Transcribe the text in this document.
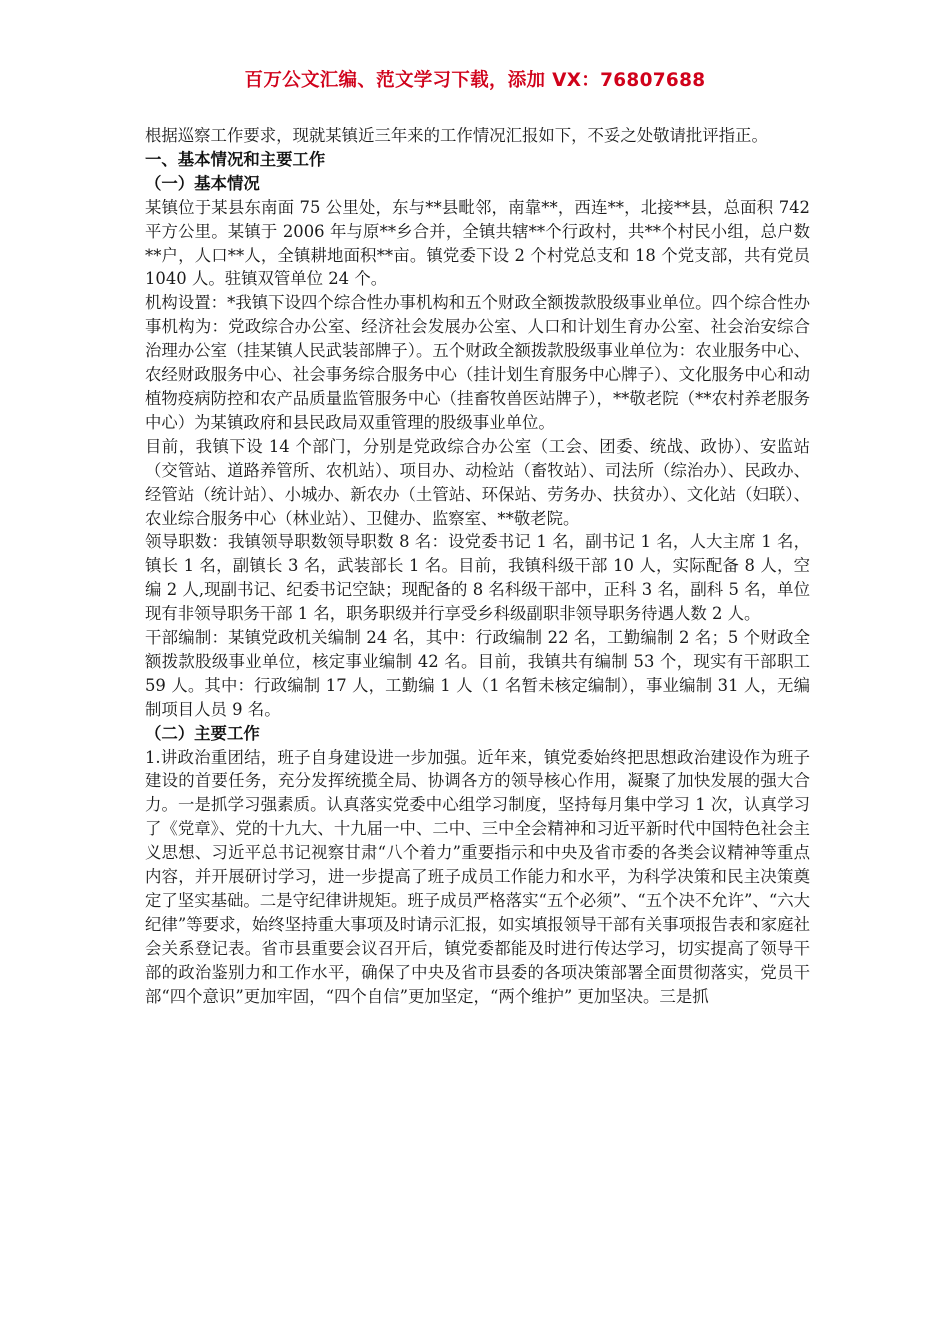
百万公文汇编、范文学习下载，添加 VX：76807688

根据巡察工作要求，现就某镇近三年来的工作情况汇报如下，不妥之处敬请批评指正。

一、基本情况和主要工作
（一）基本情况

某镇位于某县东南面 75 公里处，东与**县毗邻，南靠**，西连**，北接**县，总面积 742 平方公里。某镇于 2006 年与原**乡合并，全镇共辖**个行政村，共**个村民小组，总户数**户，人口**人，全镇耕地面积**亩。镇党委下设 2 个村党总支和 18 个党支部，共有党员 1040 人。驻镇双管单位 24 个。

机构设置：*我镇下设四个综合性办事机构和五个财政全额拨款股级事业单位。四个综合性办事机构为：党政综合办公室、经济社会发展办公室、人口和计划生育办公室、社会治安综合治理办公室（挂某镇人民武装部牌子）。五个财政全额拨款股级事业单位为：农业服务中心、农经财政服务中心、社会事务综合服务中心（挂计划生育服务中心牌子）、文化服务中心和动植物疫病防控和农产品质量监管服务中心（挂畜牧兽医站牌子），**敬老院（**农村养老服务中心）为某镇政府和县民政局双重管理的股级事业单位。

目前，我镇下设 14 个部门，分别是党政综合办公室（工会、团委、统战、政协）、安监站（交管站、道路养管所、农机站）、项目办、动检站（畜牧站）、司法所（综治办）、民政办、经管站（统计站）、小城办、新农办（土管站、环保站、劳务办、扶贫办）、文化站（妇联）、农业综合服务中心（林业站）、卫健办、监察室、**敬老院。

领导职数：我镇领导职数领导职数 8 名：设党委书记 1 名，副书记 1 名，人大主席 1 名，镇长 1 名，副镇长 3 名，武装部长 1 名。目前，我镇科级干部 10 人，实际配备 8 人，空编 2 人,现副书记、纪委书记空缺；现配备的 8 名科级干部中，正科 3 名，副科 5 名，单位现有非领导职务干部 1 名，职务职级并行享受乡科级副职非领导职务待遇人数 2 人。

干部编制：某镇党政机关编制 24 名，其中：行政编制 22 名，工勤编制 2 名；5 个财政全额拨款股级事业单位，核定事业编制 42 名。目前，我镇共有编制 53 个，现实有干部职工 59 人。其中：行政编制 17 人，工勤编 1 人（1 名暂未核定编制），事业编制 31 人，无编制项目人员 9 名。

（二）主要工作

1.讲政治重团结，班子自身建设进一步加强。近年来，镇党委始终把思想政治建设作为班子建设的首要任务，充分发挥统揽全局、协调各方的领导核心作用，凝聚了加快发展的强大合力。一是抓学习强素质。认真落实党委中心组学习制度，坚持每月集中学习 1 次，认真学习了《党章》、党的十九大、十九届一中、二中、三中全会精神和习近平新时代中国特色社会主义思想、习近平总书记视察甘肃“八个着力”重要指示和中央及省市委的各类会议精神等重点内容，并开展研讨学习，进一步提高了班子成员工作能力和水平，为科学决策和民主决策奠定了坚实基础。二是守纪律讲规矩。班子成员严格落实“五个必须”、“五个决不允许”、“六大纪律”等要求，始终坚持重大事项及时请示汇报，如实填报领导干部有关事项报告表和家庭社会关系登记表。省市县重要会议召开后，镇党委都能及时进行传达学习，切实提高了领导干部的政治鉴别力和工作水平，确保了中央及省市县委的各项决策部署全面贯彻落实，党员干部“四个意识”更加牢固，“四个自信”更加坚定，“两个维护” 更加坚决。三是抓
